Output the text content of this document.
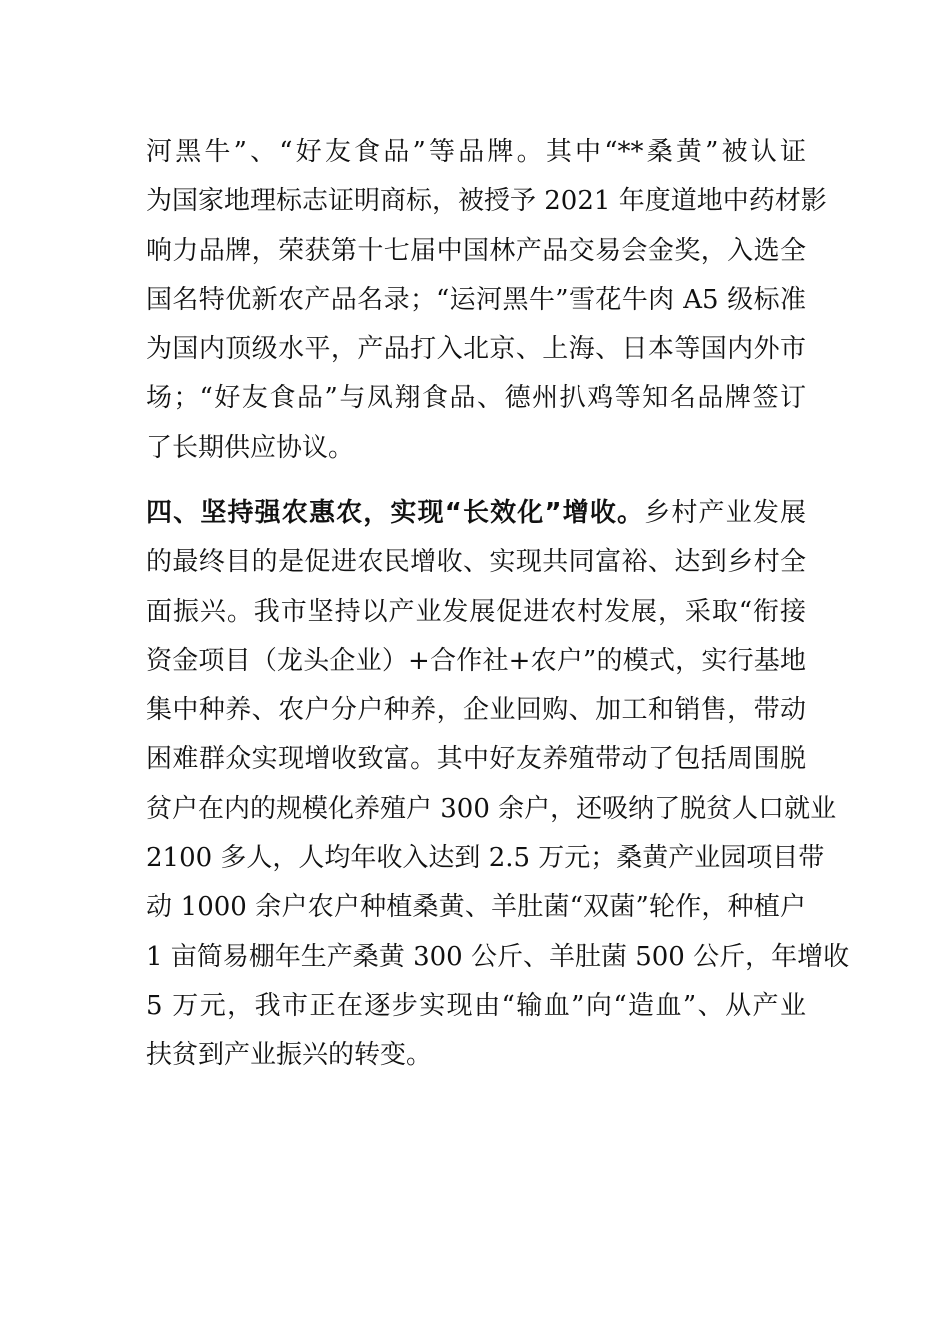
河黑牛”、“好友食品”等品牌。其中“**桑黄”被认证
为国家地理标志证明商标，被授予 2021 年度道地中药材影
响力品牌，荣获第十七届中国林产品交易会金奖，入选全
国名特优新农产品名录；“运河黑牛”雪花牛肉 A5 级标准
为国内顶级水平，产品打入北京、上海、日本等国内外市
场；“好友食品”与凤翔食品、德州扒鸡等知名品牌签订
了长期供应协议。
四、坚持强农惠农，实现“长效化”增收。乡村产业发展
的最终目的是促进农民增收、实现共同富裕、达到乡村全
面振兴。我市坚持以产业发展促进农村发展，采取“衔接
资金项目（龙头企业）+合作社+农户”的模式，实行基地
集中种养、农户分户种养，企业回购、加工和销售，带动
困难群众实现增收致富。其中好友养殖带动了包括周围脱
贫户在内的规模化养殖户 300 余户，还吸纳了脱贫人口就业
2100 多人，人均年收入达到 2.5 万元；桑黄产业园项目带
动 1000 余户农户种植桑黄、羊肚菌“双菌”轮作，种植户
1 亩简易棚年生产桑黄 300 公斤、羊肚菌 500 公斤，年增收
5 万元，我市正在逐步实现由“输血”向“造血”、从产业
扶贫到产业振兴的转变。
